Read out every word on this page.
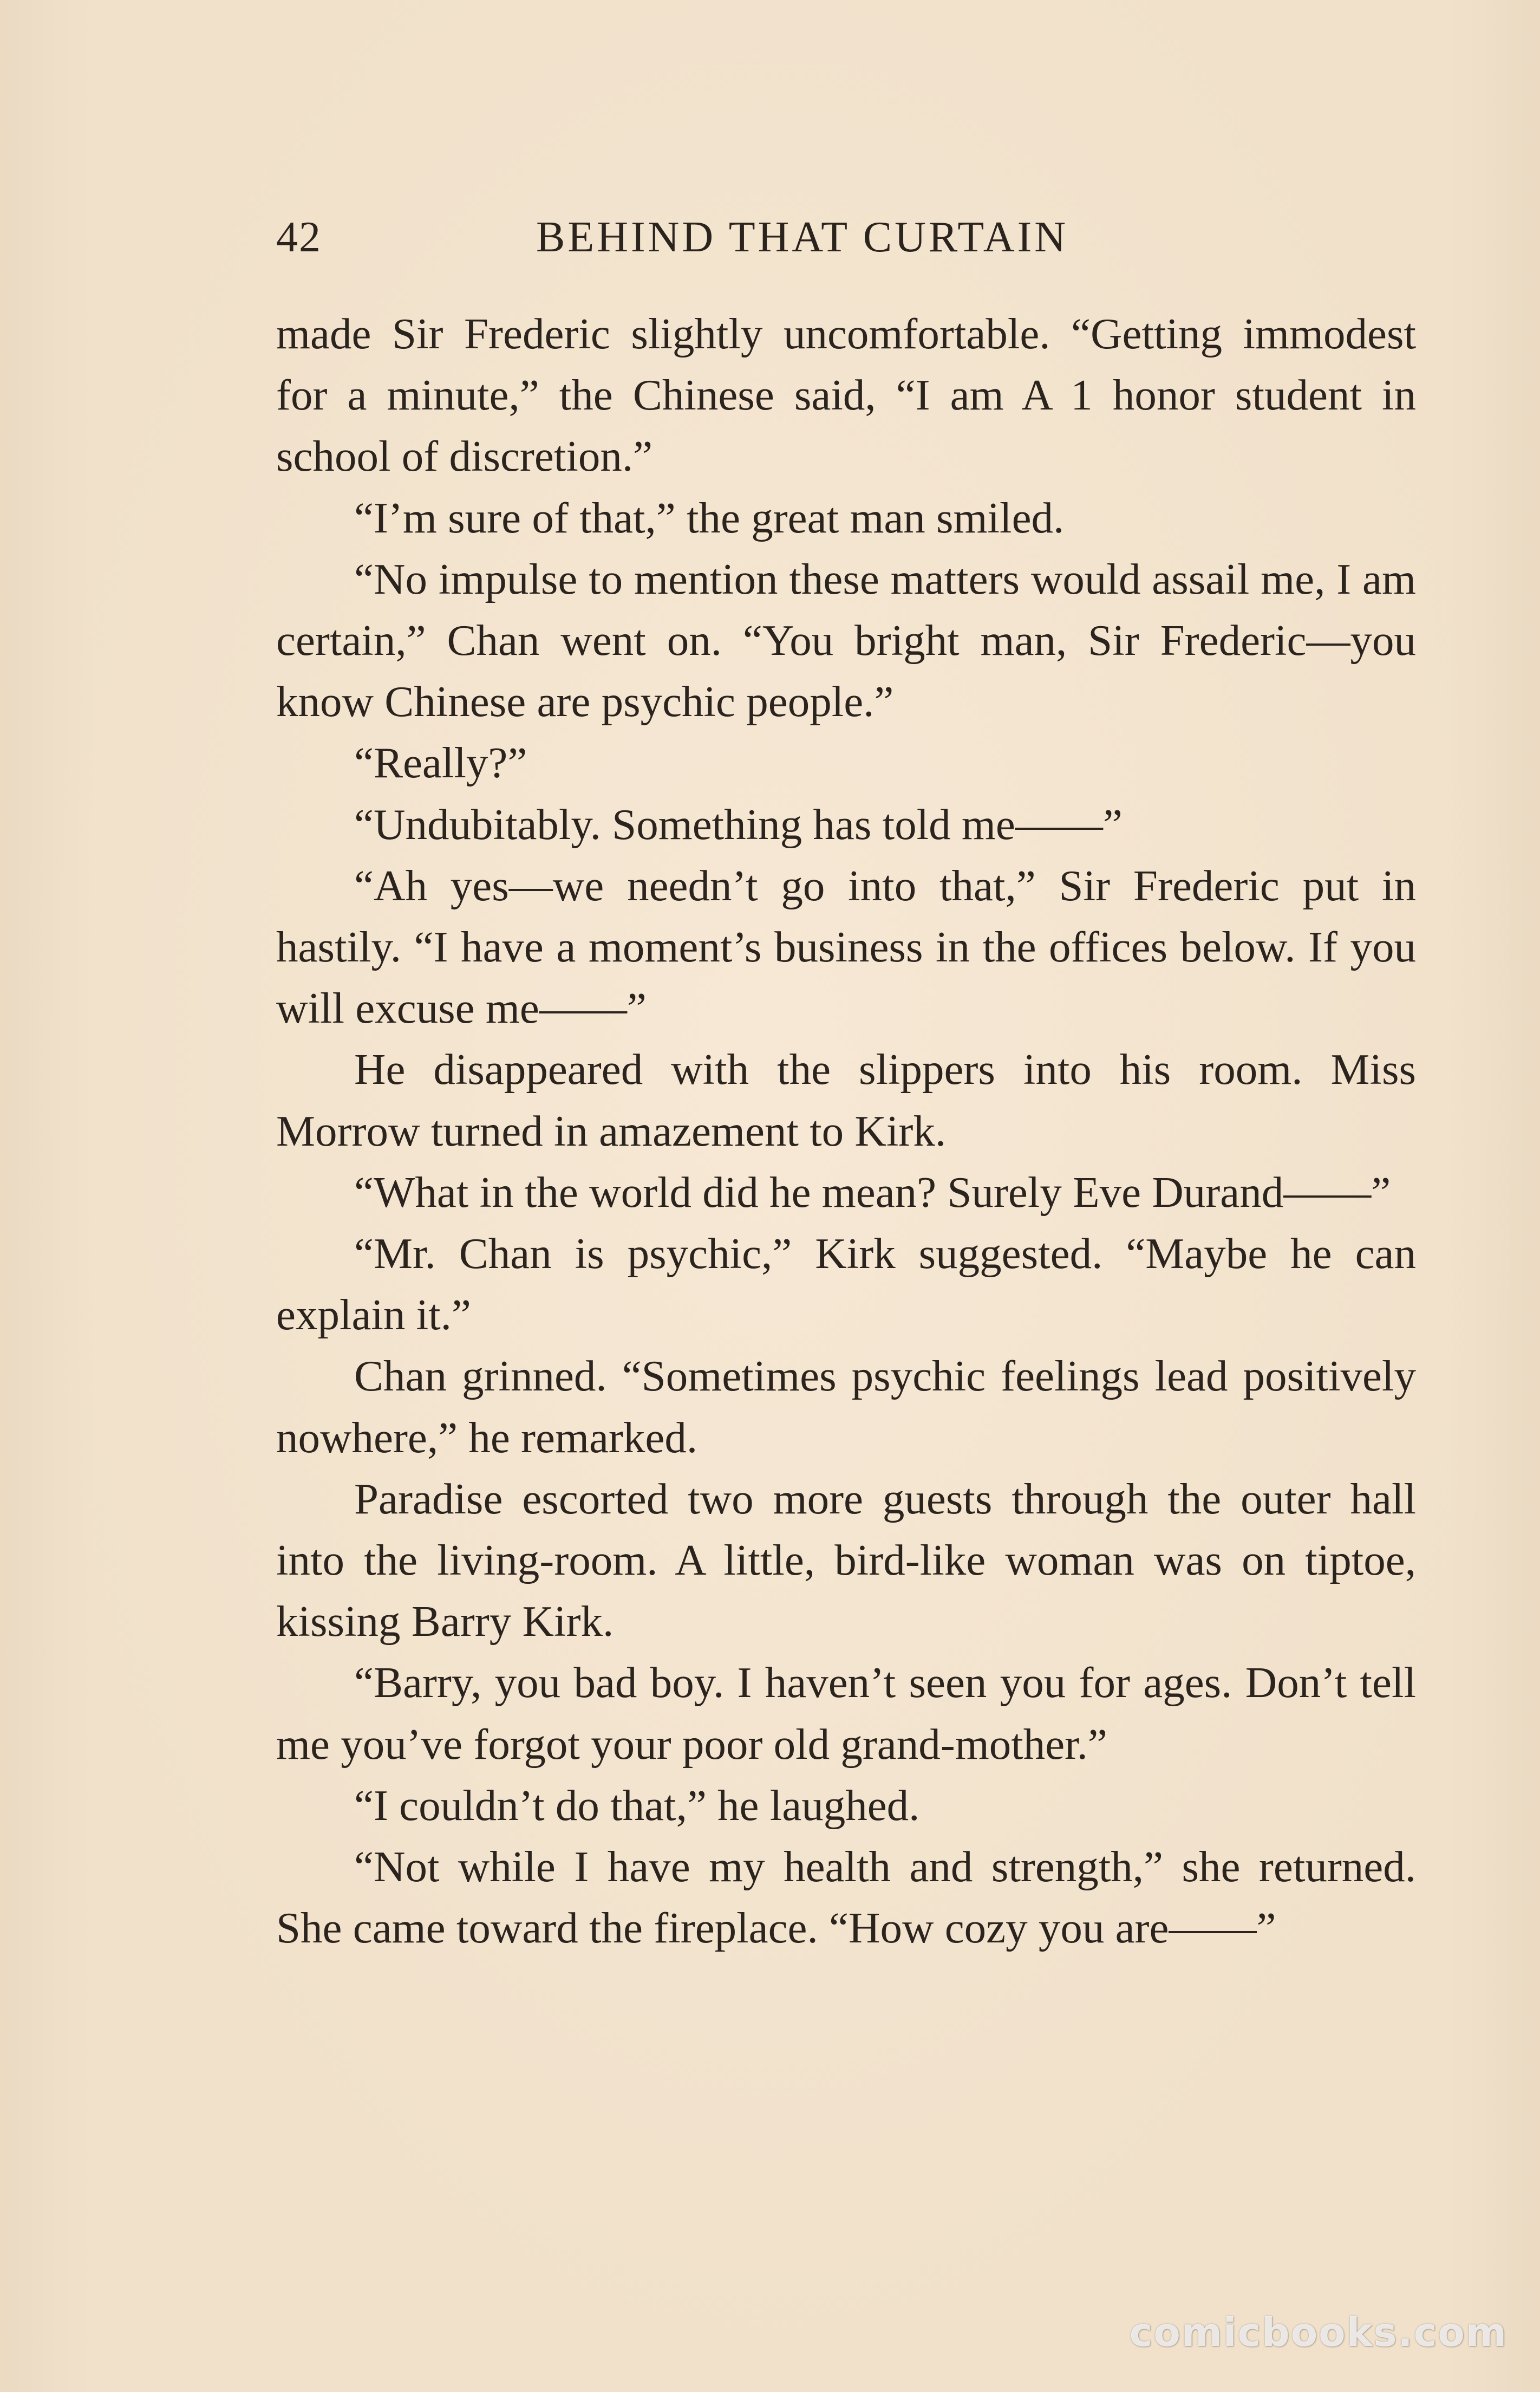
42	BEHIND THAT CURTAIN

made Sir Frederic slightly uncomfortable. “Getting immodest for a minute,” the Chinese said, “I am A 1 honor student in school of discretion.”

“I’m sure of that,” the great man smiled.

“No impulse to mention these matters would assail me, I am certain,” Chan went on. “You bright man, Sir Frederic—you know Chinese are psychic people.”

“Really?”

“Undubitably. Something has told me——”

“Ah yes—we needn’t go into that,” Sir Frederic put in hastily. “I have a moment’s business in the offices below. If you will excuse me——”

He disappeared with the slippers into his room. Miss Morrow turned in amazement to Kirk.

“What in the world did he mean? Surely Eve Durand——”

“Mr. Chan is psychic,” Kirk suggested. “Maybe he can explain it.”

Chan grinned. “Sometimes psychic feelings lead positively nowhere,” he remarked.

Paradise escorted two more guests through the outer hall into the living-room. A little, bird-like woman was on tiptoe, kissing Barry Kirk.

“Barry, you bad boy. I haven’t seen you for ages. Don’t tell me you’ve forgot your poor old grand-mother.”

“I couldn’t do that,” he laughed.

“Not while I have my health and strength,” she returned. She came toward the fireplace. “How cozy you are——”

comicbooks.com
